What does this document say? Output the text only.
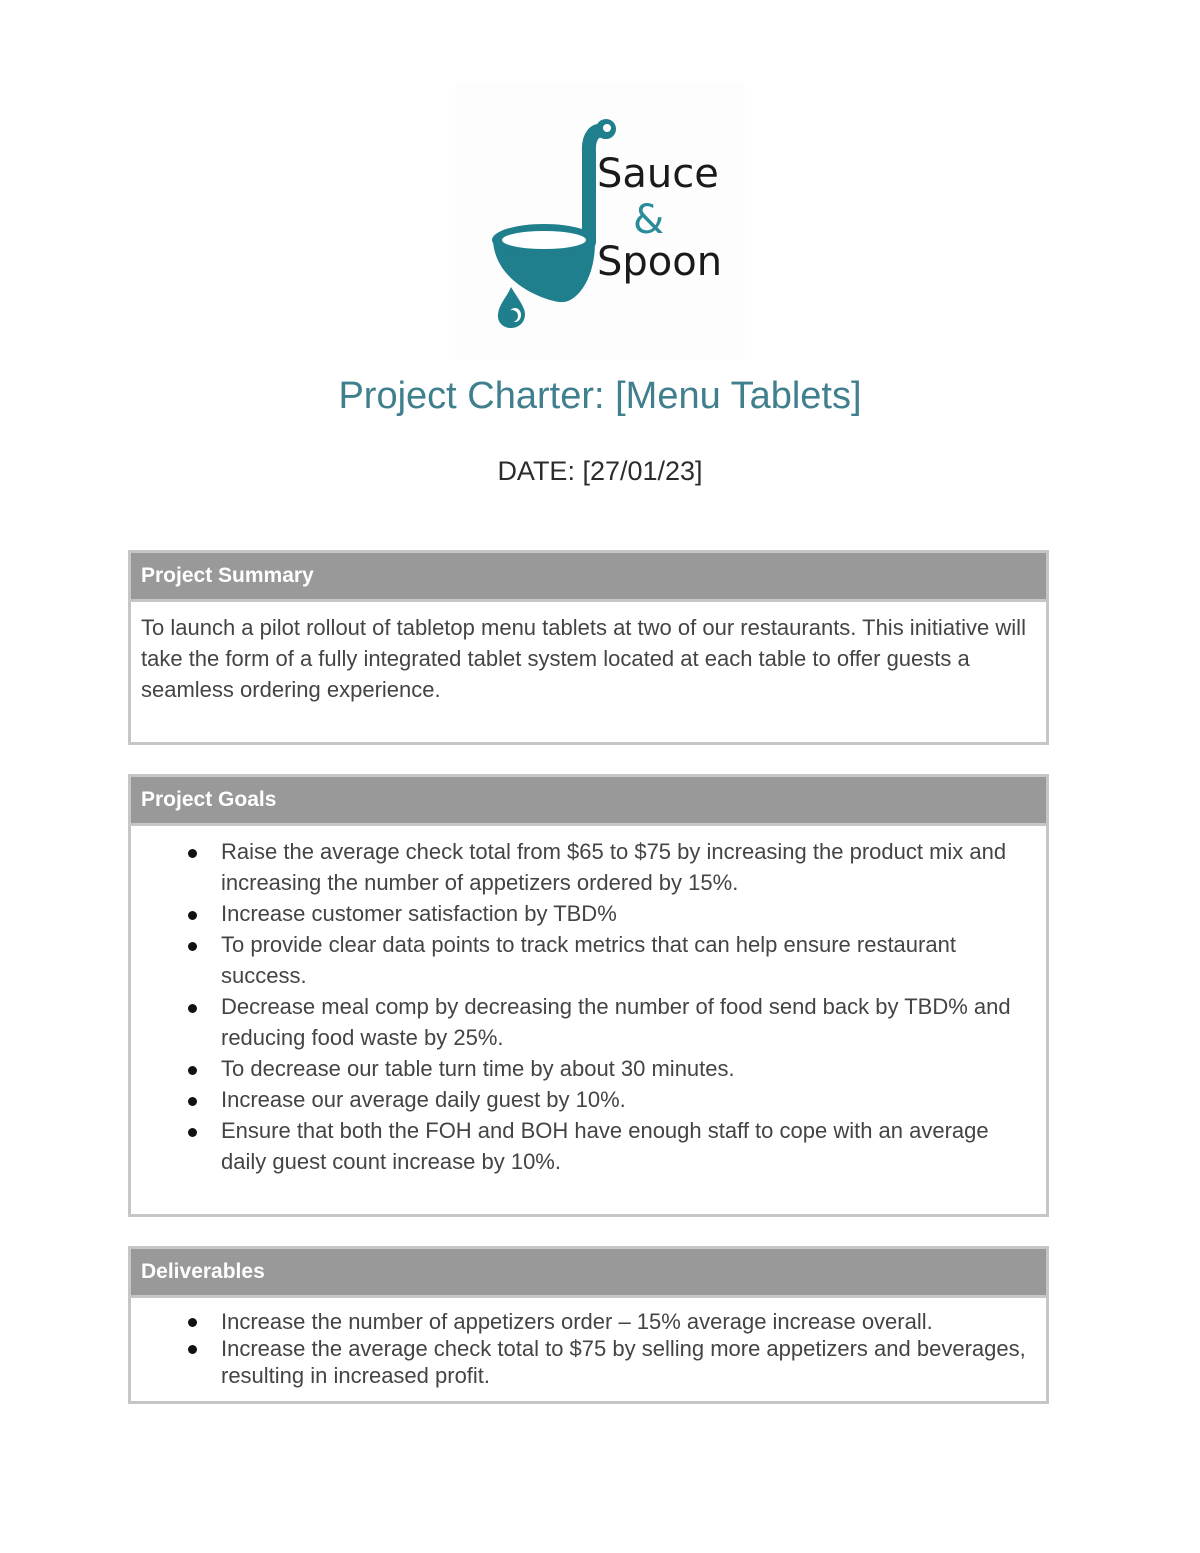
Sauce
&
Spoon
Project Charter: [Menu Tablets]
DATE: [27/01/23]
Project Summary

To launch a pilot rollout of tabletop menu tablets at two of our restaurants. This initiative will take the form of a fully integrated tablet system located at each table to offer guests a seamless ordering experience.

Project Goals
Raise the average check total from $65 to $75 by increasing the product mix and increasing the number of appetizers ordered by 15%.
Increase customer satisfaction by TBD%
To provide clear data points to track metrics that can help ensure restaurant success.
Decrease meal comp by decreasing the number of food send back by TBD% and reducing food waste by 25%.
To decrease our table turn time by about 30 minutes.
Increase our average daily guest by 10%.
Ensure that both the FOH and BOH have enough staff to cope with an average daily guest count increase by 10%.
Deliverables
Increase the number of appetizers order – 15% average increase overall.
Increase the average check total to $75 by selling more appetizers and beverages, resulting in increased profit.
